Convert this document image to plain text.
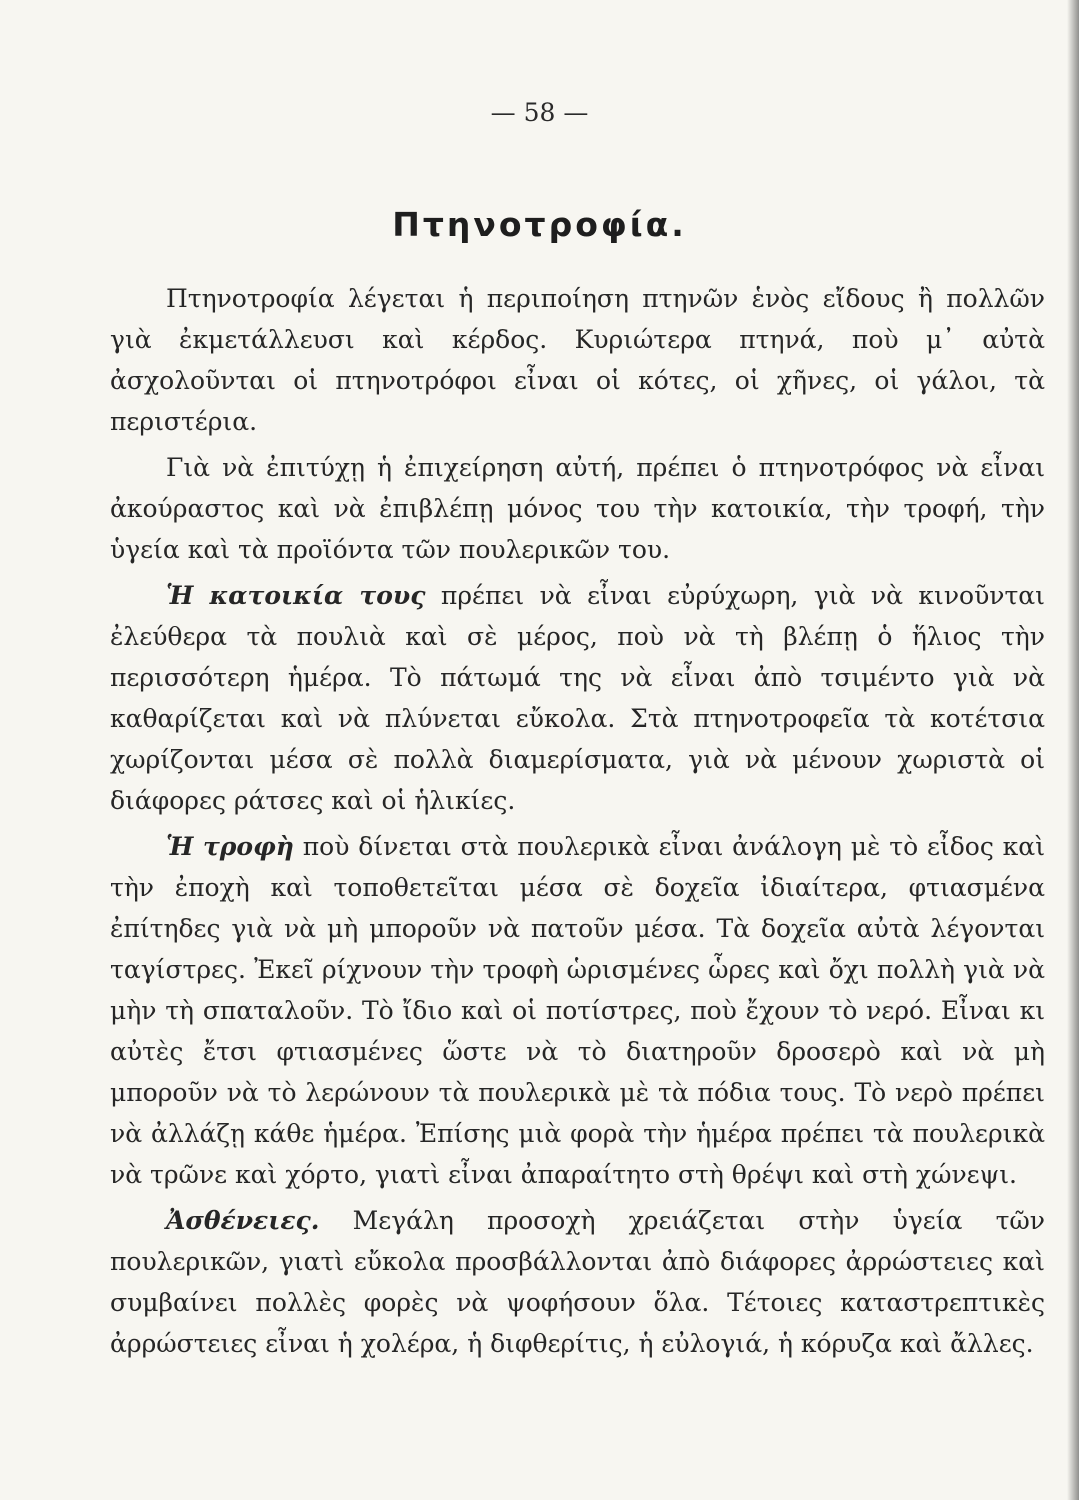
— 58 —
Πτηνοτροφία.

Πτηνοτροφία λέγεται ἡ περιποίηση πτηνῶν ἑνὸς εἴδους ἢ πολλῶν γιὰ ἐκμετάλλευσι καὶ κέρδος. Κυριώτερα πτηνά, ποὺ μ᾽ αὐτὰ ἀσχολοῦνται οἱ πτηνοτρόφοι εἶναι οἱ κότες, οἱ χῆνες, οἱ γάλοι, τὰ περιστέρια.

Γιὰ νὰ ἐπιτύχῃ ἡ ἐπιχείρηση αὐτή, πρέπει ὁ πτηνοτρόφος νὰ εἶναι ἀκούραστος καὶ νὰ ἐπιβλέπῃ μόνος του τὴν κατοικία, τὴν τροφή, τὴν ὑγεία καὶ τὰ προϊόντα τῶν πουλερικῶν του.

Ἡ κατοικία τους πρέπει νὰ εἶναι εὐρύχωρη, γιὰ νὰ κινοῦνται ἐλεύθερα τὰ πουλιὰ καὶ σὲ μέρος, ποὺ νὰ τὴ βλέπῃ ὁ ἥλιος τὴν περισσότερη ἡμέρα. Τὸ πάτωμά της νὰ εἶναι ἀπὸ τσιμέντο γιὰ νὰ καθαρίζεται καὶ νὰ πλύνεται εὔκολα. Στὰ πτηνοτροφεῖα τὰ κοτέτσια χωρίζονται μέσα σὲ πολλὰ διαμερίσματα, γιὰ νὰ μένουν χωριστὰ οἱ διάφορες ράτσες καὶ οἱ ἡλικίες.

Ἡ τροφὴ ποὺ δίνεται στὰ πουλερικὰ εἶναι ἀνάλογη μὲ τὸ εἶδος καὶ τὴν ἐποχὴ καὶ τοποθετεῖται μέσα σὲ δοχεῖα ἰδιαίτερα, φτιασμένα ἐπίτηδες γιὰ νὰ μὴ μποροῦν νὰ πατοῦν μέσα. Τὰ δοχεῖα αὐτὰ λέγονται ταγίστρες. Ἐκεῖ ρίχνουν τὴν τροφὴ ὡρισμένες ὧρες καὶ ὄχι πολλὴ γιὰ νὰ μὴν τὴ σπαταλοῦν. Τὸ ἴδιο καὶ οἱ ποτίστρες, ποὺ ἔχουν τὸ νερό. Εἶναι κι αὐτὲς ἔτσι φτιασμένες ὥστε νὰ τὸ διατηροῦν δροσερὸ καὶ νὰ μὴ μποροῦν νὰ τὸ λερώνουν τὰ πουλερικὰ μὲ τὰ πόδια τους. Τὸ νερὸ πρέπει νὰ ἀλλάζῃ κάθε ἡμέρα. Ἐπίσης μιὰ φορὰ τὴν ἡμέρα πρέπει τὰ πουλερικὰ νὰ τρῶνε καὶ χόρτο, γιατὶ εἶναι ἀπαραίτητο στὴ θρέψι καὶ στὴ χώνεψι.

Ἀσθένειες. Μεγάλη προσοχὴ χρειάζεται στὴν ὑγεία τῶν πουλερικῶν, γιατὶ εὔκολα προσβάλλονται ἀπὸ διάφορες ἀρρώστειες καὶ συμβαίνει πολλὲς φορὲς νὰ ψοφήσουν ὅλα. Τέτοιες καταστρεπτικὲς ἀρρώστειες εἶναι ἡ χολέρα, ἡ διφθερίτις, ἡ εὐλογιά, ἡ κόρυζα καὶ ἄλλες.
